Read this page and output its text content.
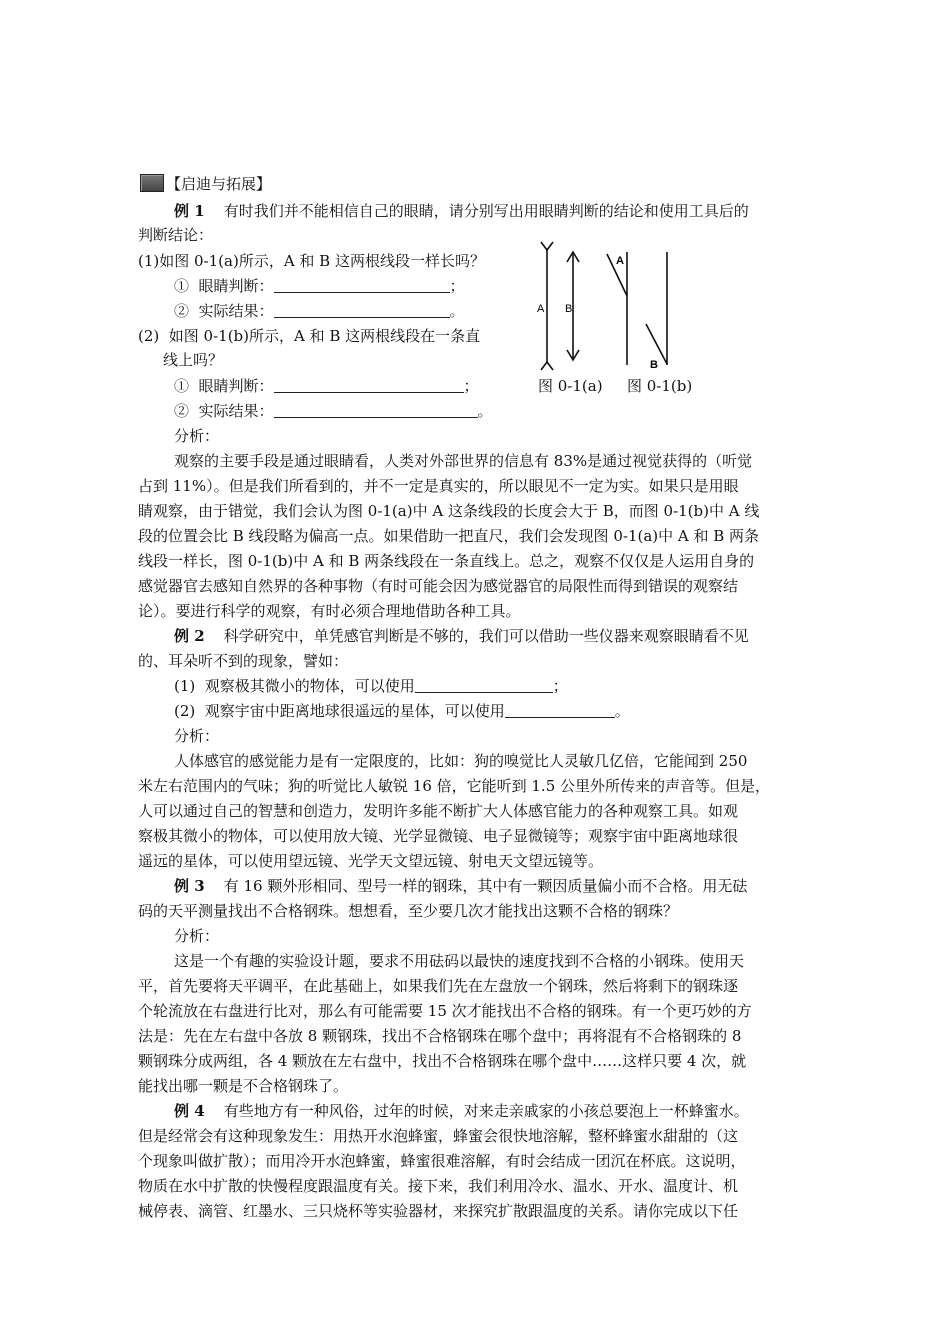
【启迪与拓展】
例 1 有时我们并不能相信自己的眼睛，请分别写出用眼睛判断的结论和使用工具后的
判断结论：
(1)如图 0-1(a)所示，A 和 B 这两根线段一样长吗？
①  眼睛判断：	；
②  实际结果：	。
(2)  如图 0-1(b)所示，A 和 B 这两根线段在一条直
线上吗？
①  眼睛判断：	；
②  实际结果：	。
A B
A
B
图 0-1(a) 图 0-1(b)
分析：
观察的主要手段是通过眼睛看，人类对外部世界的信息有 83%是通过视觉获得的（听觉
占到 11%）。但是我们所看到的，并不一定是真实的，所以眼见不一定为实。如果只是用眼
睛观察，由于错觉，我们会认为图 0-1(a)中 A 这条线段的长度会大于 B，而图 0-1(b)中 A 线
段的位置会比 B 线段略为偏高一点。如果借助一把直尺，我们会发现图 0-1(a)中 A 和 B 两条
线段一样长，图 0-1(b)中 A 和 B 两条线段在一条直线上。总之，观察不仅仅是人运用自身的
感觉器官去感知自然界的各种事物（有时可能会因为感觉器官的局限性而得到错误的观察结
论）。要进行科学的观察，有时必须合理地借助各种工具。
例 2 科学研究中，单凭感官判断是不够的，我们可以借助一些仪器来观察眼睛看不见
的、耳朵听不到的现象，譬如：
(1)  观察极其微小的物体，可以使用	；
(2)  观察宇宙中距离地球很遥远的星体，可以使用	。
分析：
人体感官的感觉能力是有一定限度的，比如：狗的嗅觉比人灵敏几亿倍，它能闻到 250
米左右范围内的气味；狗的听觉比人敏锐 16 倍，它能听到 1.5 公里外所传来的声音等。但是，
人可以通过自己的智慧和创造力，发明许多能不断扩大人体感官能力的各种观察工具。如观
察极其微小的物体，可以使用放大镜、光学显微镜、电子显微镜等；观察宇宙中距离地球很
遥远的星体，可以使用望远镜、光学天文望远镜、射电天文望远镜等。
例 3 有 16 颗外形相同、型号一样的钢珠，其中有一颗因质量偏小而不合格。用无砝
码的天平测量找出不合格钢珠。想想看，至少要几次才能找出这颗不合格的钢珠？
分析：
这是一个有趣的实验设计题，要求不用砝码以最快的速度找到不合格的小钢珠。使用天
平，首先要将天平调平，在此基础上，如果我们先在左盘放一个钢珠，然后将剩下的钢珠逐
个轮流放在右盘进行比对，那么有可能需要 15 次才能找出不合格的钢珠。有一个更巧妙的方
法是：先在左右盘中各放 8 颗钢珠，找出不合格钢珠在哪个盘中；再将混有不合格钢珠的 8
颗钢珠分成两组，各 4 颗放在左右盘中，找出不合格钢珠在哪个盘中……这样只要 4 次，就
能找出哪一颗是不合格钢珠了。
例 4 有些地方有一种风俗，过年的时候，对来走亲戚家的小孩总要泡上一杯蜂蜜水。
但是经常会有这种现象发生：用热开水泡蜂蜜，蜂蜜会很快地溶解，整杯蜂蜜水甜甜的（这
个现象叫做扩散）；而用冷开水泡蜂蜜，蜂蜜很难溶解，有时会结成一团沉在杯底。这说明，
物质在水中扩散的快慢程度跟温度有关。接下来，我们利用冷水、温水、开水、温度计、机
械停表、滴管、红墨水、三只烧杯等实验器材，来探究扩散跟温度的关系。请你完成以下任
